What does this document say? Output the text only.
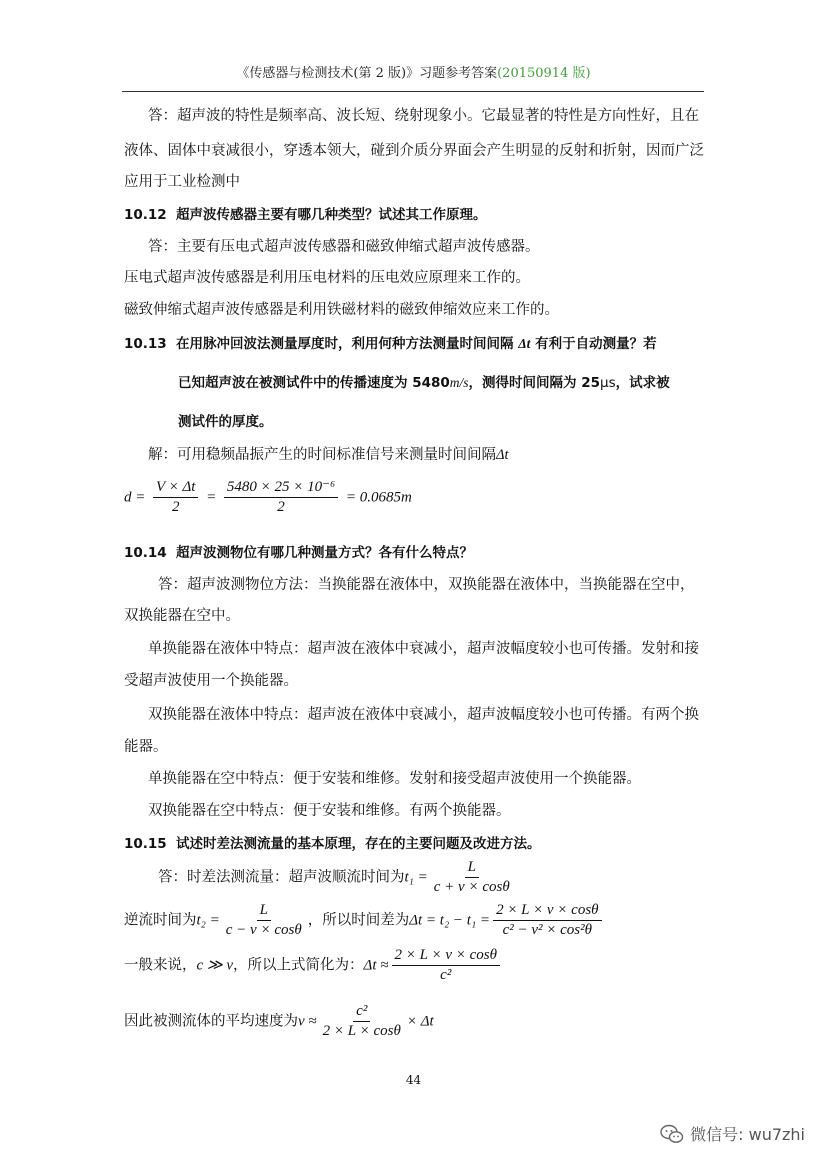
《传感器与检测技术(第 2 版)》习题参考答案(20150914 版)
答：超声波的特性是频率高、波长短、绕射现象小。它最显著的特性是方向性好，且在
液体、固体中衰减很小，穿透本领大，碰到介质分界面会产生明显的反射和折射，因而广泛
应用于工业检测中
10.12 超声波传感器主要有哪几种类型？试述其工作原理。
答：主要有压电式超声波传感器和磁致伸缩式超声波传感器。
压电式超声波传感器是利用压电材料的压电效应原理来工作的。
磁致伸缩式超声波传感器是利用铁磁材料的磁致伸缩效应来工作的。
10.13 在用脉冲回波法测量厚度时，利用何种方法测量时间间隔 Δt 有利于自动测量？若
已知超声波在被测试件中的传播速度为 5480m/s，测得时间间隔为 25μs，试求被
测试件的厚度。
解：可用稳频晶振产生的时间标准信号来测量时间间隔Δt
$d = \frac{V \times \Delta t}{2} = \frac{\text{5480 × 25 × 10⁻⁶}}{2} = 0.0685m$
10.14 超声波测物位有哪几种测量方式？各有什么特点？
答：超声波测物位方法：当换能器在液体中，双换能器在液体中，当换能器在空中，
双换能器在空中。
单换能器在液体中特点：超声波在液体中衰减小，超声波幅度较小也可传播。发射和接
受超声波使用一个换能器。
双换能器在液体中特点：超声波在液体中衰减小，超声波幅度较小也可传播。有两个换
能器。
单换能器在空中特点：便于安装和维修。发射和接受超声波使用一个换能器。
双换能器在空中特点：便于安装和维修。有两个换能器。
10.15 试述时差法测流量的基本原理，存在的主要问题及改进方法。
答：时差法测流量：超声波顺流时间为$t_1 = \frac{L}{c + v \times \cos\theta}$
逆流时间为$t_2 = \frac{L}{c - v \times \cos\theta}$ ，所以时间差为$\Delta t = t_2 - t_1 = \frac{2 \times L \times v \times \cos\theta}{\text{c² − v² × cos²θ}}$
一般来说，c ≫ v，所以上式简化为：$\Delta t \approx \frac{2 \times L \times v \times \cos\theta}{\text{c²}}$
因此被测流体的平均速度为$v \approx \frac{\text{c²}}{2 \times L \times \cos\theta} \times \Delta t$
44
微信号: wu7zhi
